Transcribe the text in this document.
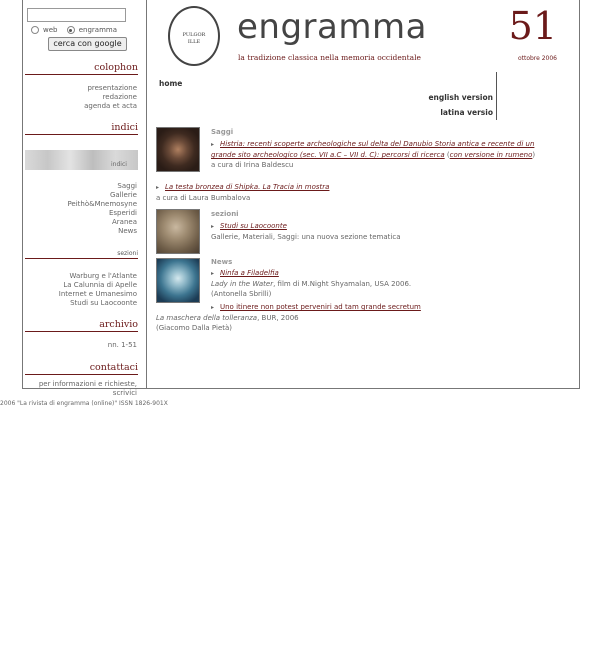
web	engramma
cerca con google
colophon
presentazione
redazione
agenda et acta
indici
indici
Saggi
Gallerie
Peithò&Mnemosyne
Esperidi
Aranea
News
sezioni
Warburg e l'Atlante
La Calunnia di Apelle
Internet e Umanesimo
Studi su Laocoonte
archivio
nn. 1-51
contattaci
per informazioni e richieste,
scrivici
PULGOR
ILLE	engramma
la tradizione classica nella memoria occidentale
51
ottobre 2006
home
english version
latina versio
Saggi
▸ Histria: recenti scoperte archeologiche sul delta del Danubio Storia antica e recente di un grande sito archeologico (sec. VII a.C – VII d. C): percorsi di ricerca (con versione in rumeno)
a cura di Irina Baldescu
▸ La testa bronzea di Shipka. La Tracia in mostra
a cura di Laura Bumbalova
sezioni
▸ Studi su Laocoonte
Gallerie, Materiali, Saggi: una nuova sezione tematica
News
▸ Ninfa a Filadelfia
Lady in the Water, film di M.Night Shyamalan, USA 2006.
(Antonella Sbrilli)
▸ Uno itinere non potest perveniri ad tam grande secretum
La maschera della tolleranza, BUR, 2006
(Giacomo Dalla Pietà)
2006 "La rivista di engramma (online)" ISSN 1826-901X
